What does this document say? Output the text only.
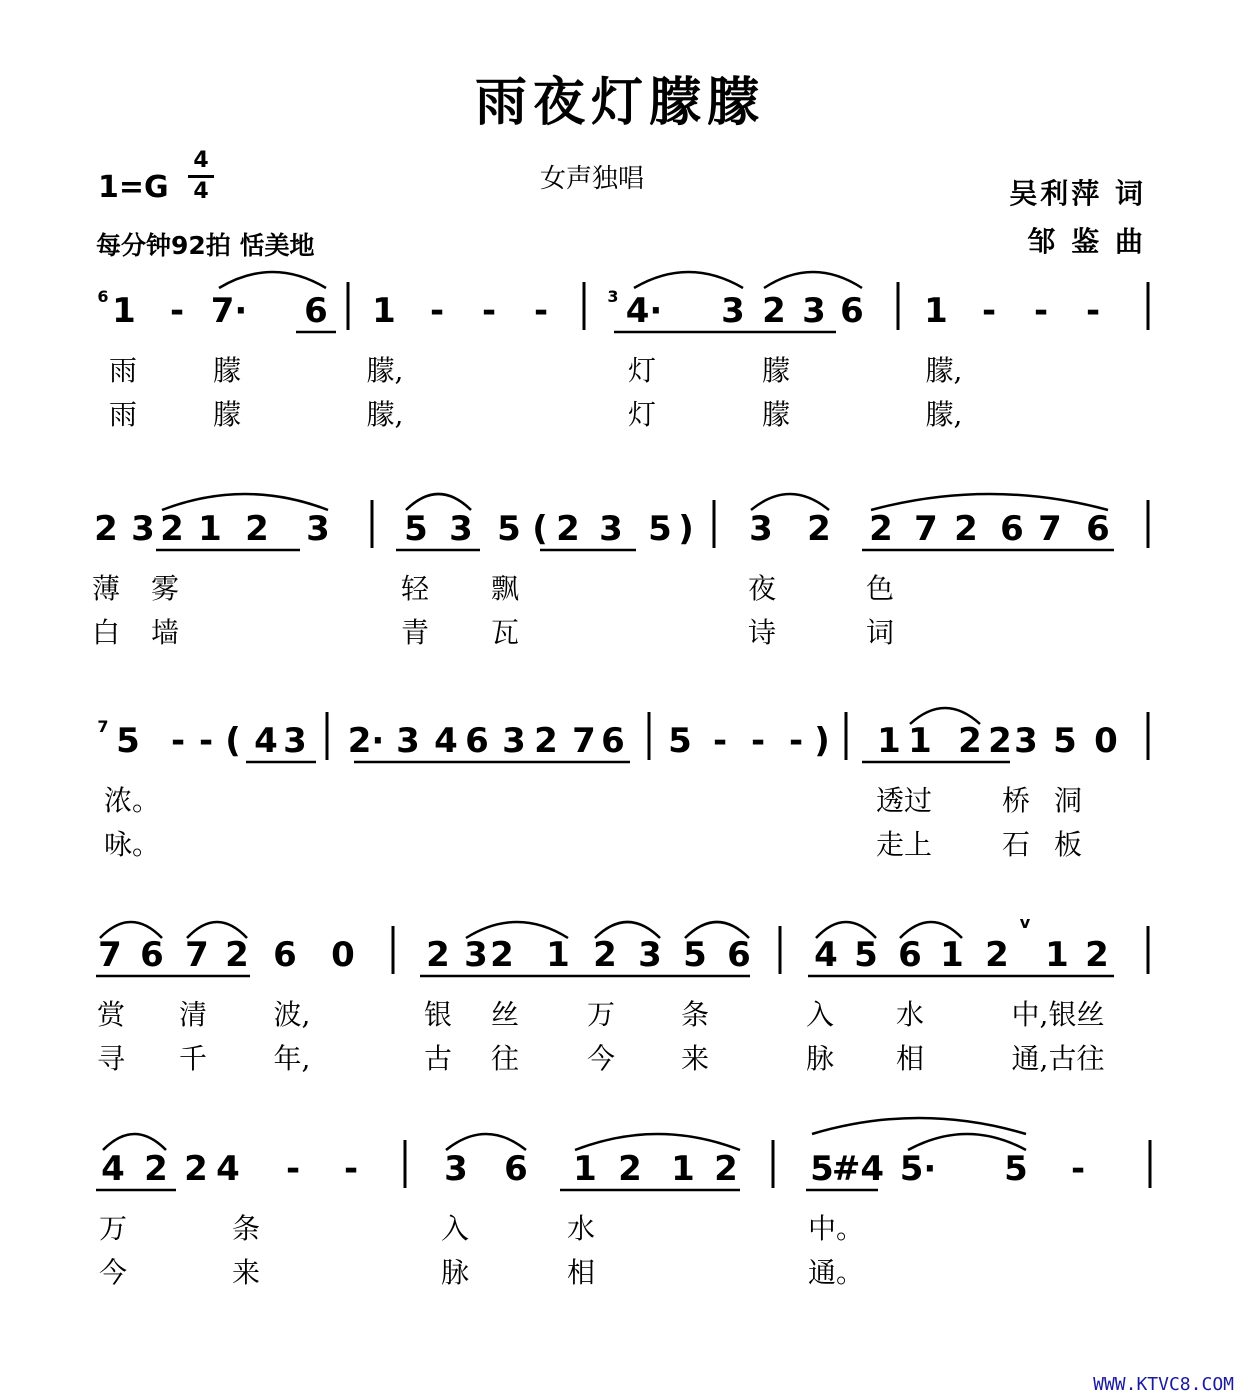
雨夜灯朦朦
1=G
4
4	女声独唱
每分钟92拍 恬美地
吴利萍 词
邹 鉴 曲
6 1 - 7· 6 1 - - -	3 4· 3 2 3 6 1 - - -
雨	朦	朦,	灯	朦	朦,
雨	朦	朦,	灯	朦	朦,
2 3 2 1 2 3 5 3 5 ( 2 3 5 ) 3 2 2 7 2 6 7 6
薄 雾	轻 飘	夜	色
白 墙	青 瓦	诗	词
7 5 - - ( 4 3 2· 3 4 6 3 2 7 6 5 - - - ) 1 1 2 2 3 5 0
浓。	透过 桥 洞
咏。	走上 石 板
7 6 7 2 6 0 2 3 2 1 2 3 5 6 4 5 6 1 2
v
1 2
赏 清 波,	银 丝 万 条	入 水	中,银丝
寻 千 年,	古 往 今 来	脉 相	通,古往
4 2 2 4 - -	3 6 1 2 1 2 5
#4 5· 5 -
万	条	入	水	中。
今	来	脉	相	通。
WWW.KTVC8.COM
